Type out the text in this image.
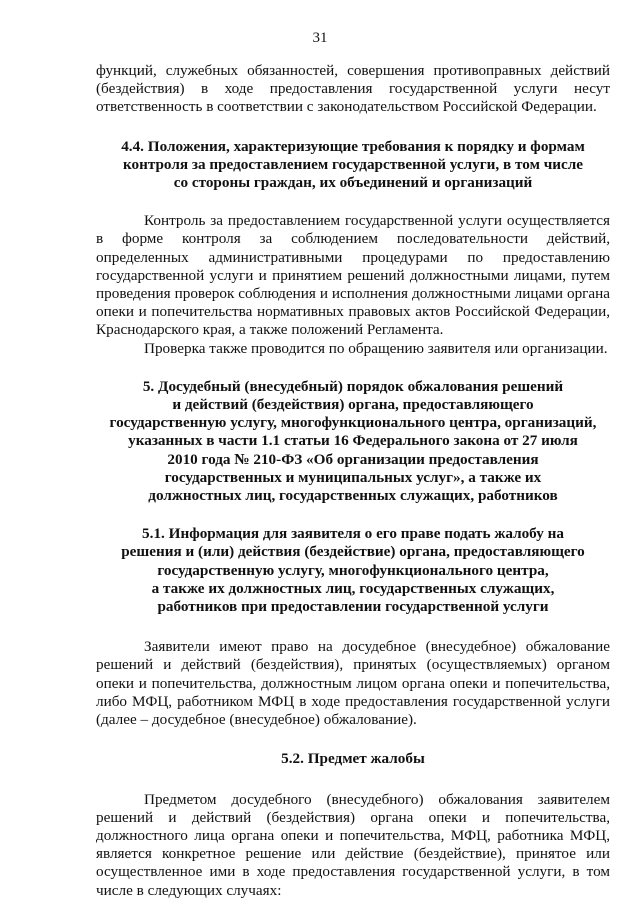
31

функций, служебных обязанностей, совершения противоправных действий (бездействия) в ходе предоставления государственной услуги несут ответственность в соответствии с законодательством Российской Федерации.

4.4. Положения, характеризующие требования к порядку и формам
контроля за предоставлением государственной услуги, в том числе
со стороны граждан, их объединений и организаций

Контроль за предоставлением государственной услуги осуществляется в форме контроля за соблюдением последовательности действий, определенных административными процедурами по предоставлению государственной услуги и принятием решений должностными лицами, путем проведения проверок соблюдения и исполнения должностными лицами органа опеки и попечительства нормативных правовых актов Российской Федерации, Краснодарского края, а также положений Регламента.

Проверка также проводится по обращению заявителя или организации.

5. Досудебный (внесудебный) порядок обжалования решений
и действий (бездействия) органа, предоставляющего
государственную услугу, многофункционального центра, организаций,
указанных в части 1.1 статьи 16 Федерального закона от 27 июля
2010 года № 210-ФЗ «Об организации предоставления
государственных и муниципальных услуг», а также их
должностных лиц, государственных служащих, работников
5.1. Информация для заявителя о его праве подать жалобу на
решения и (или) действия (бездействие) органа, предоставляющего
государственную услугу, многофункционального центра,
а также их должностных лиц, государственных служащих,
работников при предоставлении государственной услуги

Заявители имеют право на досудебное (внесудебное) обжалование решений и действий (бездействия), принятых (осуществляемых) органом опеки и попечительства, должностным лицом органа опеки и попечительства, либо МФЦ, работником МФЦ в ходе предоставления государственной услуги (далее – досудебное (внесудебное) обжалование).

5.2. Предмет жалобы

Предметом досудебного (внесудебного) обжалования заявителем решений и действий (бездействия) органа опеки и попечительства, должностного лица органа опеки и попечительства, МФЦ, работника МФЦ, является конкретное решение или действие (бездействие), принятое или осуществленное ими в ходе предоставления государственной услуги, в том числе в следующих случаях:
